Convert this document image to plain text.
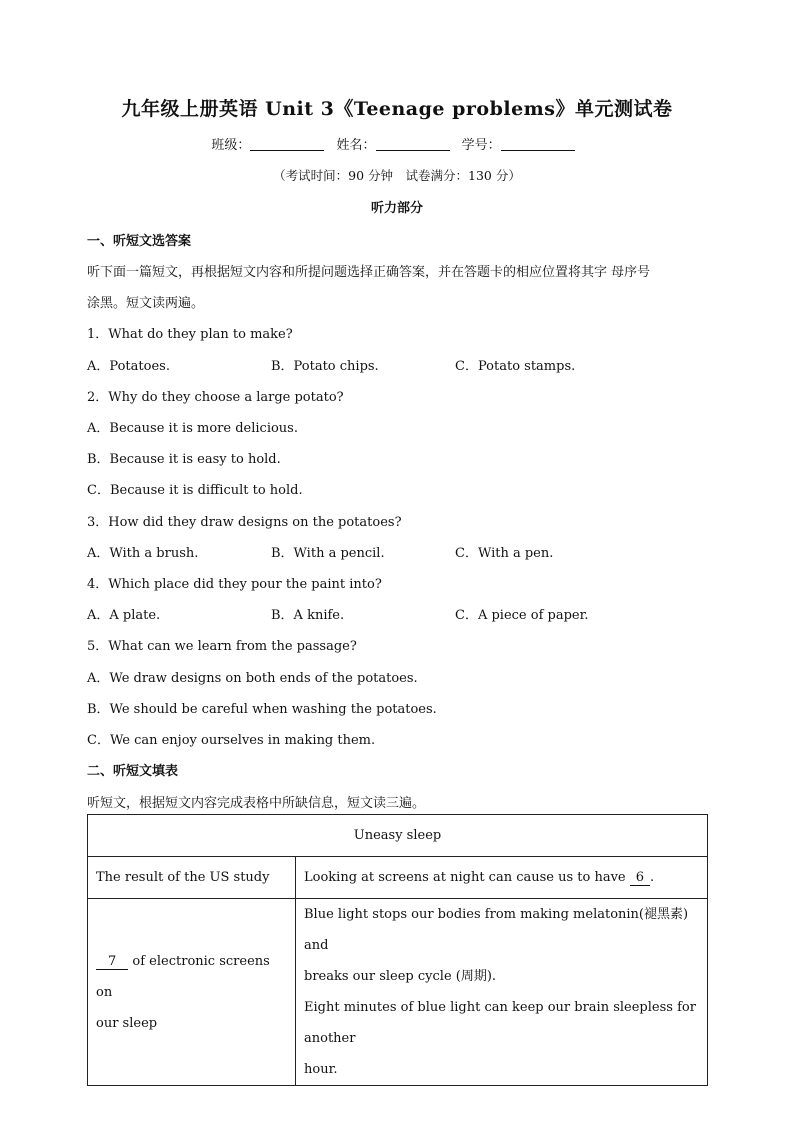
九年级上册英语 Unit 3《Teenage problems》单元测试卷
班级：	姓名：	学号：
（考试时间：90 分钟　试卷满分：130 分）
听力部分
一、听短文选答案
听下面一篇短文，再根据短文内容和所提问题选择正确答案，并在答题卡的相应位置将其字 母序号
涂黑。短文读两遍。
1．What do they plan to make?
A．Potatoes.	B．Potato chips.	C．Potato stamps.
2．Why do they choose a large potato?
A．Because it is more delicious.
B．Because it is easy to hold.
C．Because it is difficult to hold.
3．How did they draw designs on the potatoes?
A．With a brush.	B．With a pencil.	C．With a pen.
4．Which place did they pour the paint into?
A．A plate.	B．A knife.	C．A piece of paper.
5．What can we learn from the passage?
A．We draw designs on both ends of the potatoes.
B．We should be careful when washing the potatoes.
C．We can enjoy ourselves in making them.
二、听短文填表
听短文，根据短文内容完成表格中所缺信息，短文读三遍。
Uneasy sleep	
The result of the US study	Looking at screens at night can cause us to have 6 .
7 of electronic screens on
our sleep	Blue light stops our bodies from making melatonin(褪黑素) and
breaks our sleep cycle (周期).
Eight minutes of blue light can keep our brain sleepless for another
hour.
